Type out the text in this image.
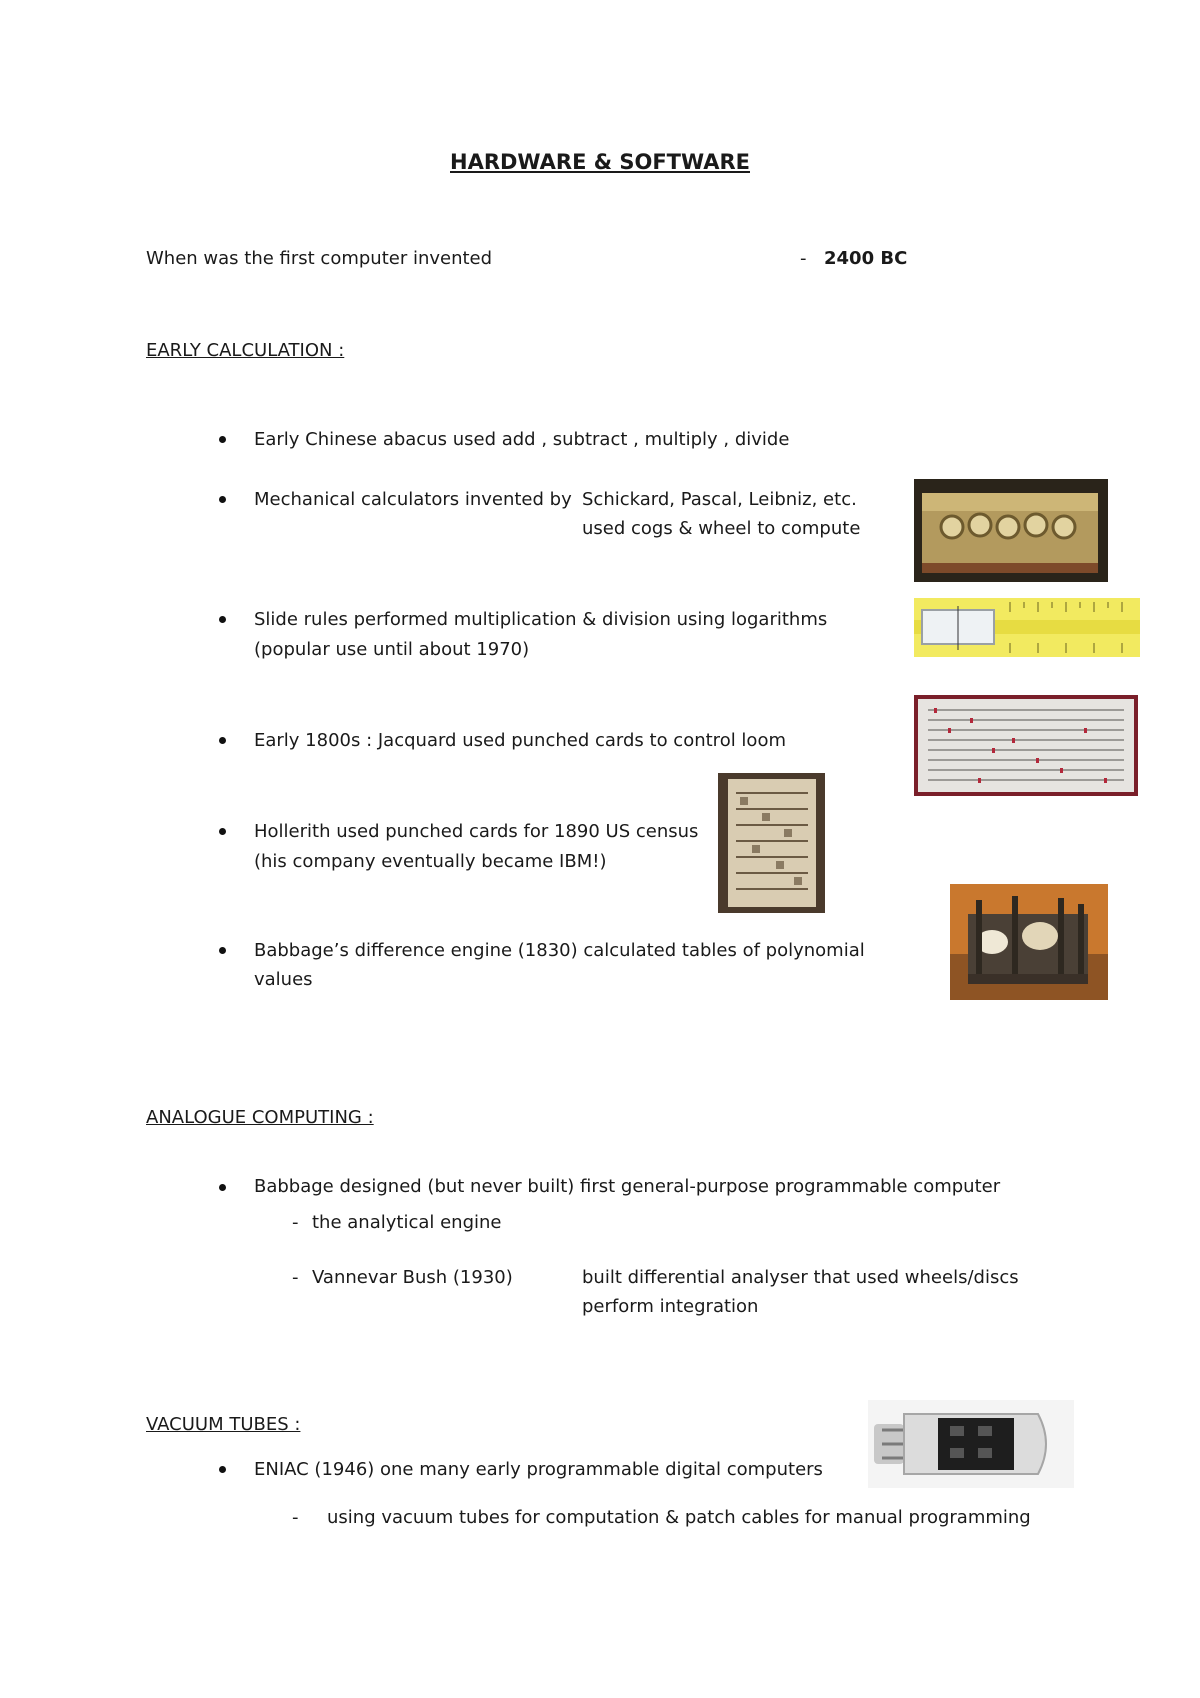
HARDWARE & SOFTWARE
When was the first computer invented	- 2400 BC
EARLY CALCULATION :
Early Chinese abacus used add , subtract , multiply , divide
Mechanical calculators invented by Schickard, Pascal, Leibniz, etc.
used cogs & wheel to compute
Slide rules performed multiplication & division using logarithms
(popular use until about 1970)
Early 1800s : Jacquard used punched cards to control loom
Hollerith used punched cards for 1890 US census
(his company eventually became IBM!)
Babbage’s difference engine (1830) calculated tables of polynomial
values
ANALOGUE COMPUTING :
Babbage designed (but never built) first general-purpose programmable computer
- the analytical engine
- Vannevar Bush (1930)	built differential analyser that used wheels/discs
perform integration
VACUUM TUBES :
ENIAC (1946) one many early programmable digital computers
- using vacuum tubes for computation & patch cables for manual programming
